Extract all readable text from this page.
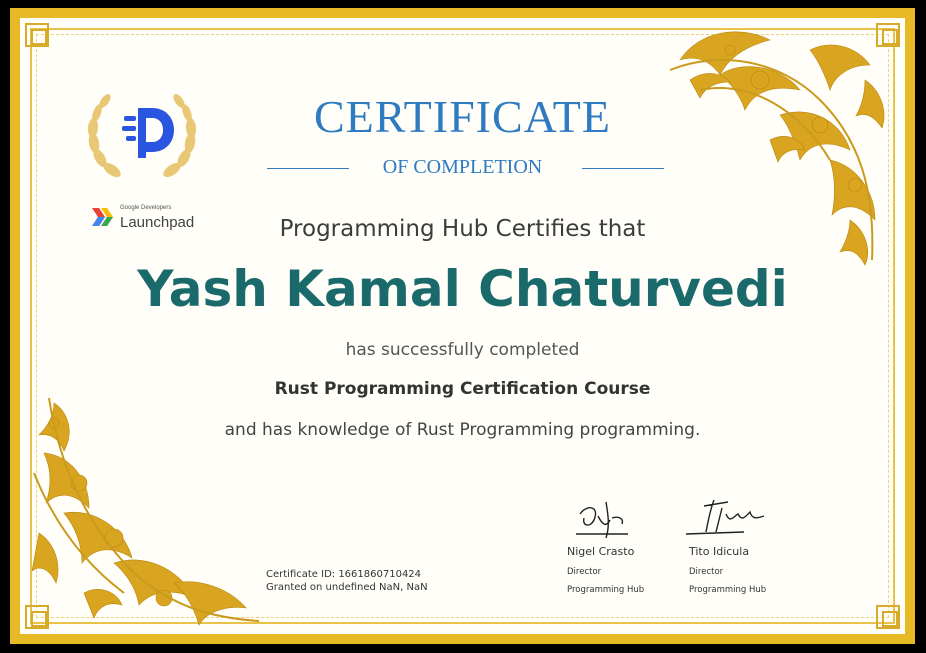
Google Developers
Launchpad
CERTIFICATE
OF COMPLETION
Programming Hub Certifies that
Yash Kamal Chaturvedi
has successfully completed
Rust Programming Certification Course
and has knowledge of Rust Programming programming.
Certificate ID: 1661860710424
Granted on undefined NaN, NaN
Nigel Crasto
Director
Programming Hub
Tito Idicula
Director
Programming Hub
